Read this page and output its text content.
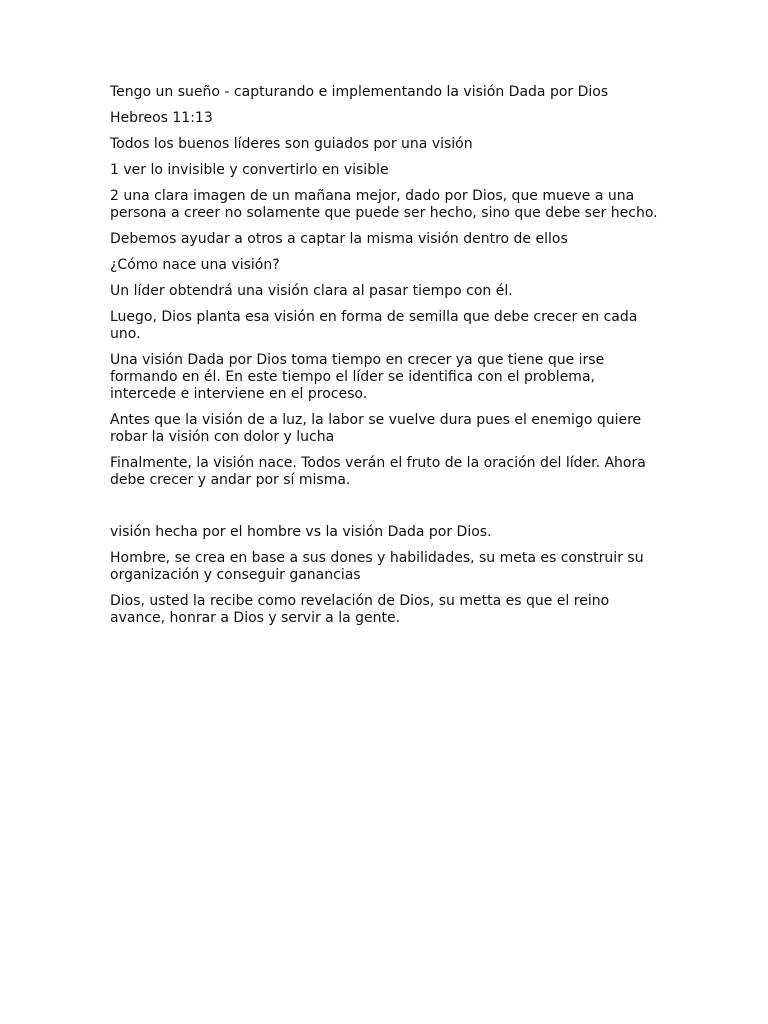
Tengo un sueño - capturando e implementando la visión Dada por Dios

Hebreos 11:13

Todos los buenos líderes son guiados por una visión

1 ver lo invisible y convertirlo en visible

2 una clara imagen de un mañana mejor, dado por Dios, que mueve a una persona a creer no solamente que puede ser hecho, sino que debe ser hecho.

Debemos ayudar a otros a captar la misma visión dentro de ellos

¿Cómo nace una visión?

Un líder obtendrá una visión clara al pasar tiempo con él.

Luego, Dios planta esa visión en forma de semilla que debe crecer en cada uno.

Una visión Dada por Dios toma tiempo en crecer ya que tiene que irse formando en él. En este tiempo el líder se identifica con el problema, intercede e interviene en el proceso.

Antes que la visión de a luz, la labor se vuelve dura pues el enemigo quiere robar la visión con dolor y lucha

Finalmente, la visión nace. Todos verán el fruto de la oración del líder. Ahora debe crecer y andar por sí misma.

visión hecha por el hombre vs la visión Dada por Dios.

Hombre, se crea en base a sus dones y habilidades, su meta es construir su organización y conseguir ganancias

Dios, usted la recibe como revelación de Dios, su metta es que el reino avance, honrar a Dios y servir a la gente.
